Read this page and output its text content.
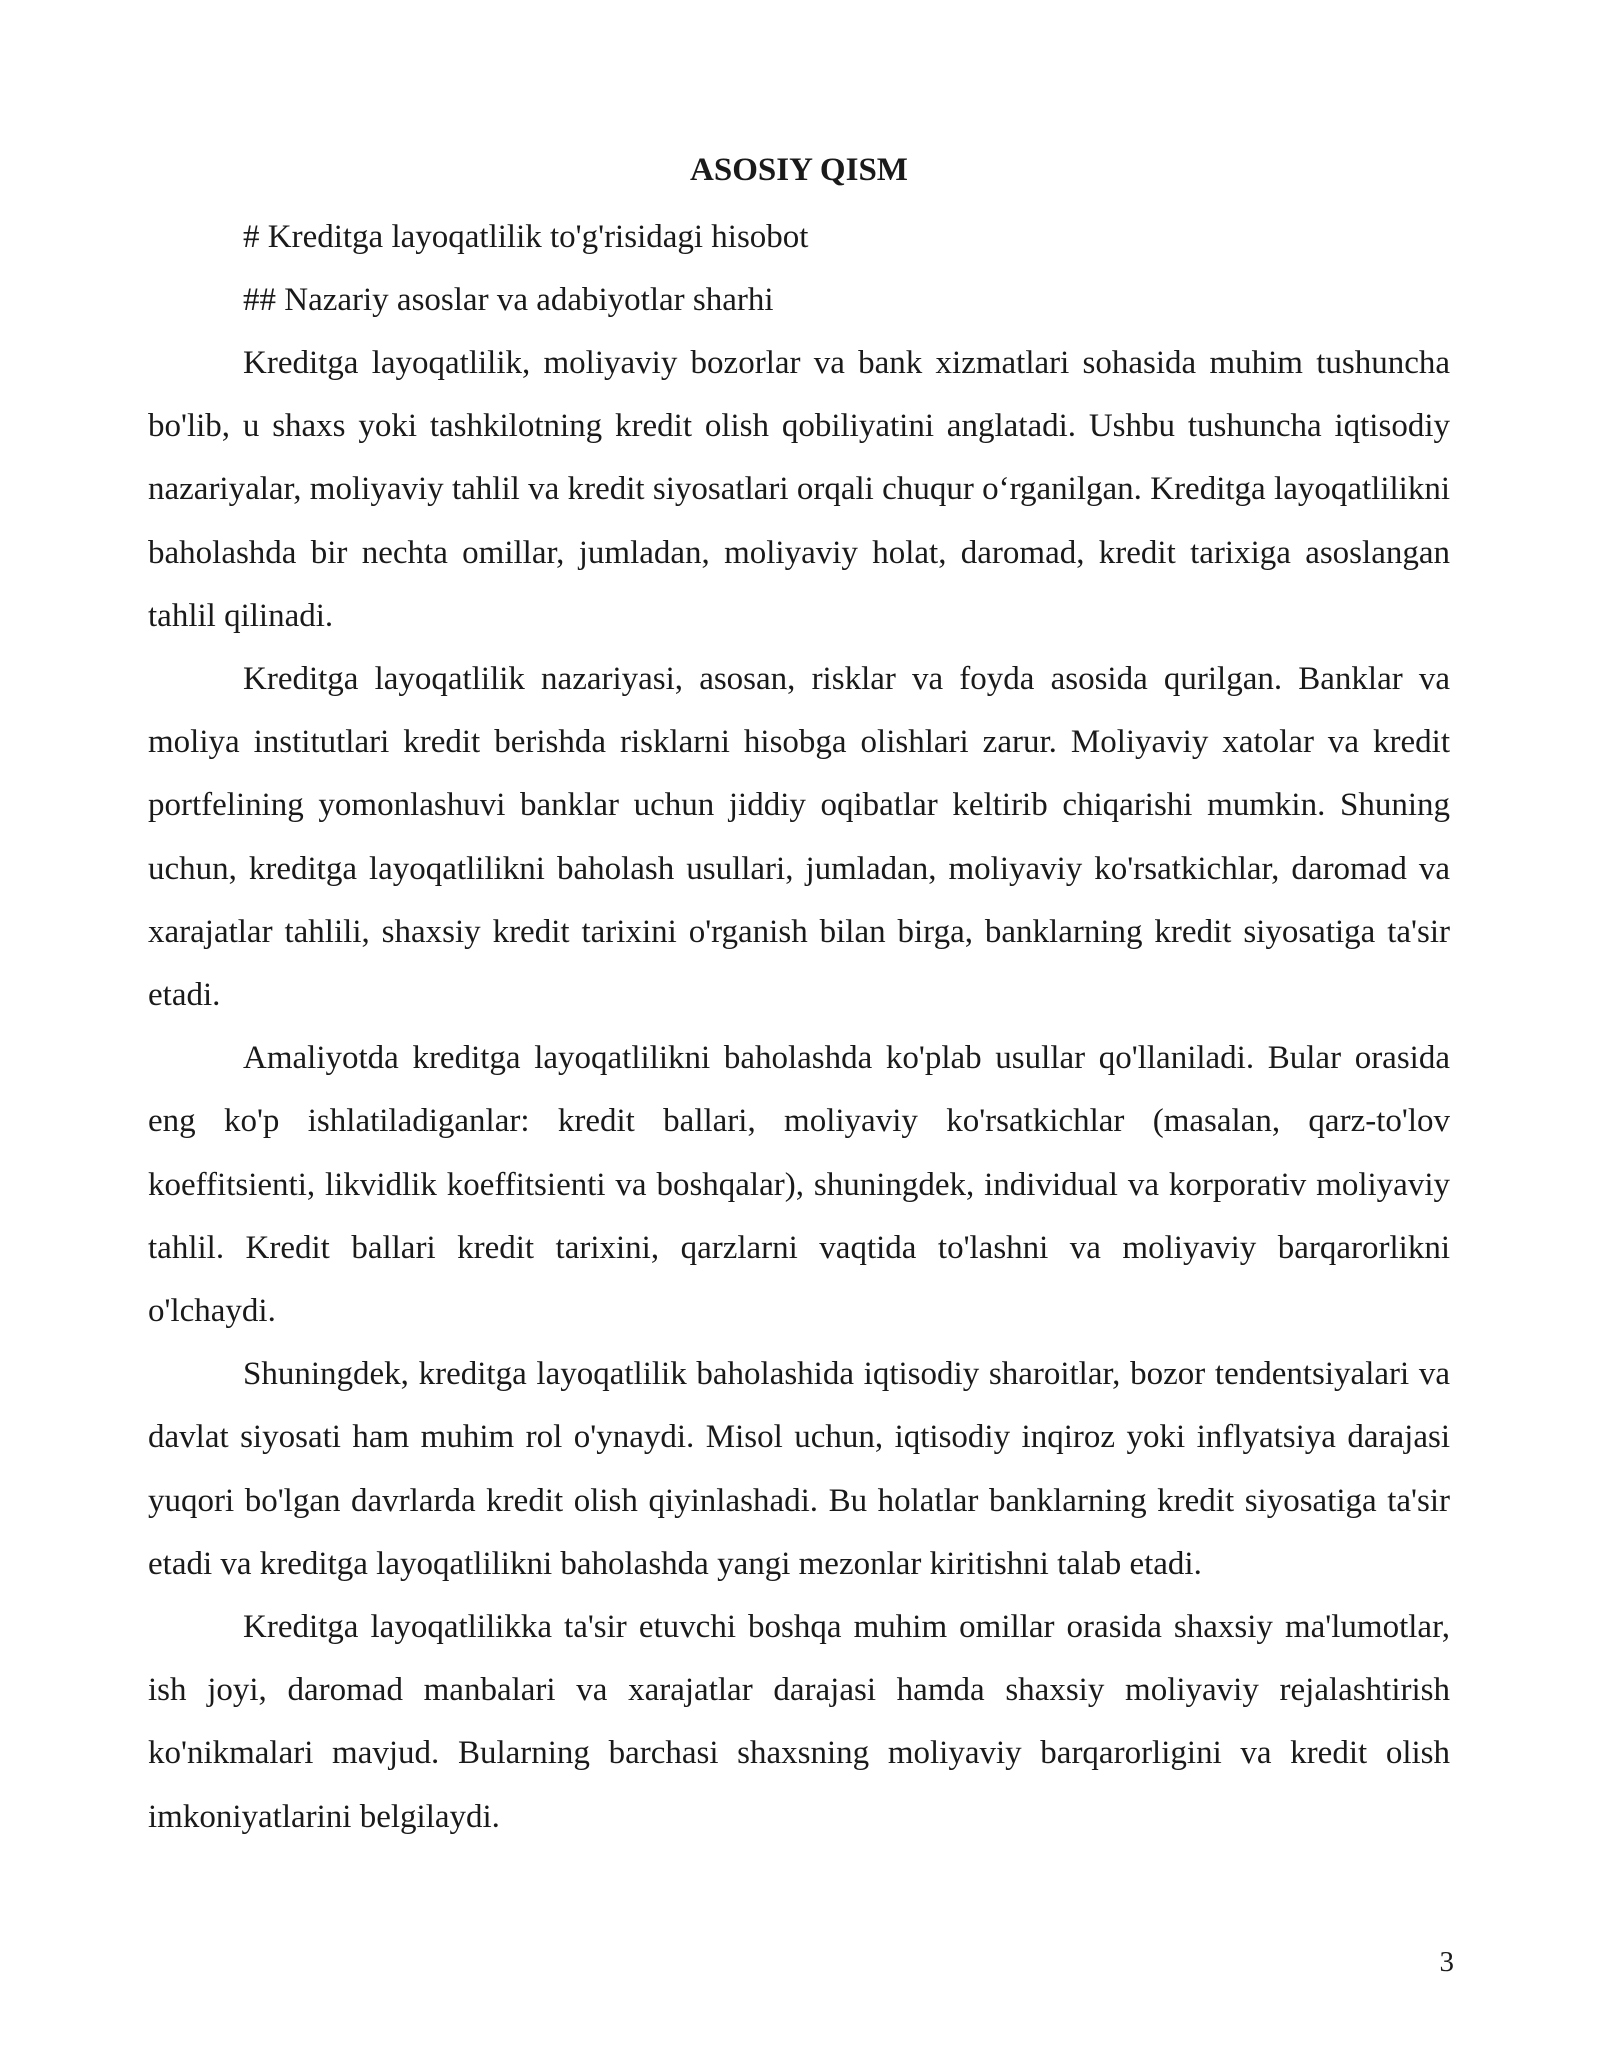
ASOSIY QISM

# Kreditga layoqatlilik to'g'risidagi hisobot

## Nazariy asoslar va adabiyotlar sharhi

Kreditga layoqatlilik, moliyaviy bozorlar va bank xizmatlari sohasida muhim tushuncha bo'lib, u shaxs yoki tashkilotning kredit olish qobiliyatini anglatadi. Ushbu tushuncha iqtisodiy nazariyalar, moliyaviy tahlil va kredit siyosatlari orqali chuqur o‘rganilgan. Kreditga layoqatlilikni baholashda bir nechta omillar, jumladan, moliyaviy holat, daromad, kredit tarixiga asoslangan tahlil qilinadi.

Kreditga layoqatlilik nazariyasi, asosan, risklar va foyda asosida qurilgan. Banklar va moliya institutlari kredit berishda risklarni hisobga olishlari zarur. Moliyaviy xatolar va kredit portfelining yomonlashuvi banklar uchun jiddiy oqibatlar keltirib chiqarishi mumkin. Shuning uchun, kreditga layoqatlilikni baholash usullari, jumladan, moliyaviy ko'rsatkichlar, daromad va xarajatlar tahlili, shaxsiy kredit tarixini o'rganish bilan birga, banklarning kredit siyosatiga ta'sir etadi.

Amaliyotda kreditga layoqatlilikni baholashda ko'plab usullar qo'llaniladi. Bular orasida eng ko'p ishlatiladiganlar: kredit ballari, moliyaviy ko'rsatkichlar (masalan, qarz-to'lov koeffitsienti, likvidlik koeffitsienti va boshqalar), shuningdek, individual va korporativ moliyaviy tahlil. Kredit ballari kredit tarixini, qarzlarni vaqtida to'lashni va moliyaviy barqarorlikni o'lchaydi.

Shuningdek, kreditga layoqatlilik baholashida iqtisodiy sharoitlar, bozor tendentsiyalari va davlat siyosati ham muhim rol o'ynaydi. Misol uchun, iqtisodiy inqiroz yoki inflyatsiya darajasi yuqori bo'lgan davrlarda kredit olish qiyinlashadi. Bu holatlar banklarning kredit siyosatiga ta'sir etadi va kreditga layoqatlilikni baholashda yangi mezonlar kiritishni talab etadi.

Kreditga layoqatlilikka ta'sir etuvchi boshqa muhim omillar orasida shaxsiy ma'lumotlar, ish joyi, daromad manbalari va xarajatlar darajasi hamda shaxsiy moliyaviy rejalashtirish ko'nikmalari mavjud. Bularning barchasi shaxsning moliyaviy barqarorligini va kredit olish imkoniyatlarini belgilaydi.

3
